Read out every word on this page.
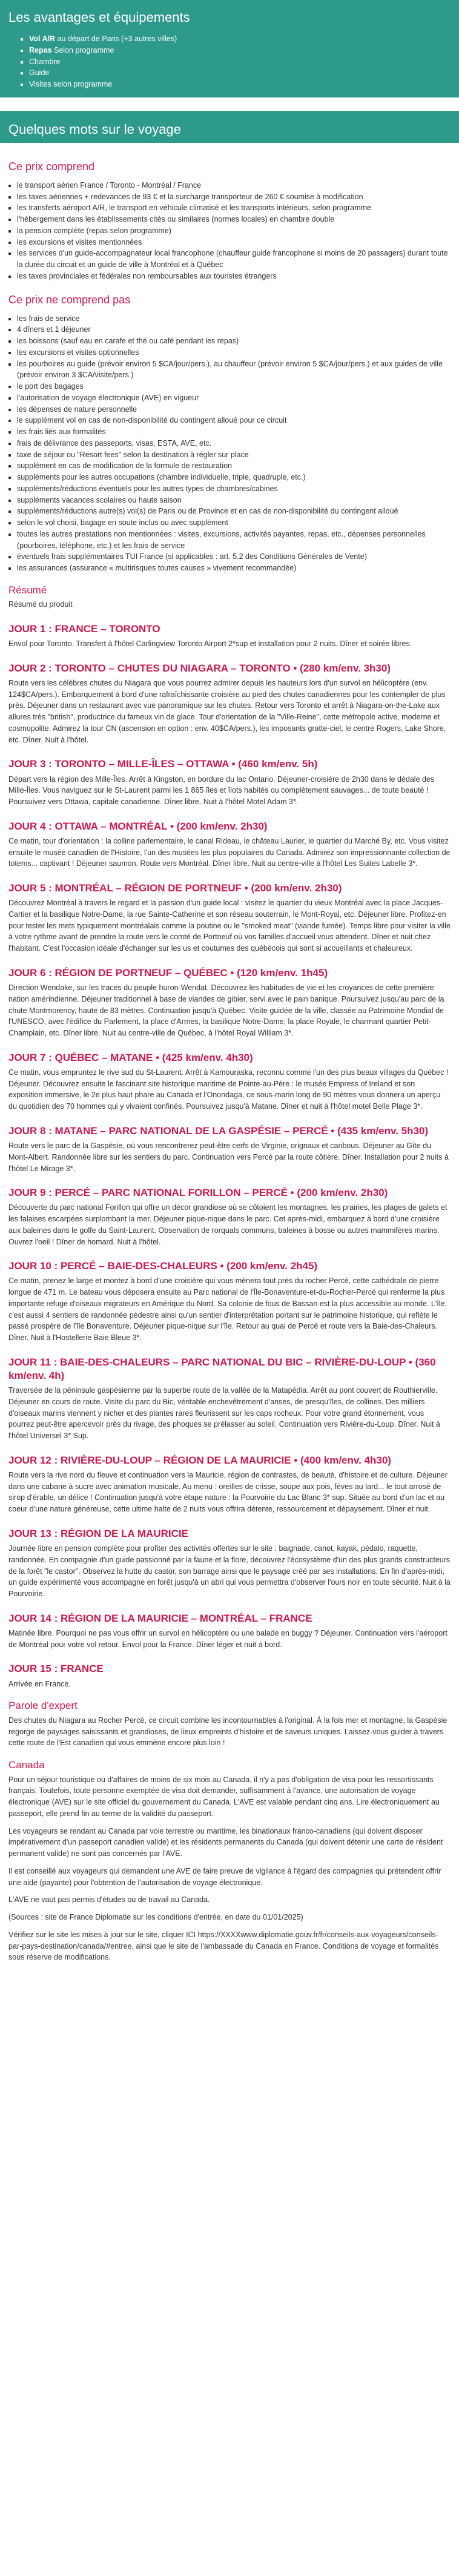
Les avantages et équipements
▪ Vol A/R au départ de Paris (+3 autres villes)
▪ Repas Selon programme
▪ Chambre
▪ Guide
▪ Visites selon programme
Quelques mots sur le voyage
Ce prix comprend
▪ le transport aérien France / Toronto - Montréal / France
▪ les taxes aériennes + redevances de 93 € et la surcharge transporteur de 260 € soumise à modification
▪ les transferts aéroport A/R, le transport en véhicule climatisé et les transports intérieurs, selon programme
▪ l'hébergement dans les établissements cités ou similaires (normes locales) en chambre double
▪ la pension complète (repas selon programme)
▪ les excursions et visites mentionnées
▪ les services d'un guide-accompagnateur local francophone (chauffeur guide francophone si moins de 20 passagers) durant toute la durée du circuit et un guide de ville à Montréal et à Québec
▪ les taxes provinciales et fédérales non remboursables aux touristes étrangers
Ce prix ne comprend pas
▪ les frais de service
▪ 4 dîners et 1 déjeuner
▪ les boissons (sauf eau en carafe et thé ou café pendant les repas)
▪ les excursions et visites optionnelles
▪ les pourboires au guide (prévoir environ 5 $CA/jour/pers.), au chauffeur (prévoir environ 5 $CA/jour/pers.) et aux guides de ville (prévoir environ 3 $CA/visite/pers.)
▪ le port des bagages
▪ l'autorisation de voyage électronique (AVE) en vigueur
▪ les dépenses de nature personnelle
▪ le supplément vol en cas de non-disponibilité du contingent alloué pour ce circuit
▪ les frais liés aux formalités
▪ frais de délivrance des passeports, visas, ESTA, AVE, etc.
▪ taxe de séjour ou "Resort fees" selon la destination à régler sur place
▪ supplément en cas de modification de la formule de restauration
▪ suppléments pour les autres occupations (chambre individuelle, triple, quadruple, etc.)
▪ suppléments/réductions éventuels pour les autres types de chambres/cabines
▪ suppléments vacances scolaires ou haute saison
▪ suppléments/réductions autre(s) vol(s) de Paris ou de Province et en cas de non-disponibilité du contingent alloué
▪ selon le vol choisi, bagage en soute inclus ou avec supplément
▪ toutes les autres prestations non mentionnées : visites, excursions, activités payantes, repas, etc., dépenses personnelles (pourboires, téléphone, etc.) et les frais de service
▪ éventuels frais supplémentaires TUI France (si applicables : art. 5.2 des Conditions Générales de Vente)
▪ les assurances (assurance « multirisques toutes causes » vivement recommandée)
Résumé

Résumé du produit

JOUR 1 : FRANCE – TORONTO

Envol pour Toronto. Transfert à l'hôtel Carlingview Toronto Airport 2*sup et installation pour 2 nuits. Dîner et soirée libres.

JOUR 2 : TORONTO – CHUTES DU NIAGARA – TORONTO • (280 km/env. 3h30)

Route vers les célèbres chutes du Niagara que vous pourrez admirer depuis les hauteurs lors d'un survol en hélicoptère (env. 124$CA/pers.). Embarquement à bord d'une rafraîchissante croisière au pied des chutes canadiennes pour les contempler de plus près. Déjeuner dans un restaurant avec vue panoramique sur les chutes. Retour vers Toronto et arrêt à Niagara-on-the-Lake aux allures très "british", productrice du fameux vin de glace. Tour d'orientation de la "Ville-Reine", cette métropole active, moderne et cosmopolite. Admirez la tour CN (ascension en option : env. 40$CA/pers.), les imposants gratte-ciel, le centre Rogers, Lake Shore, etc. Dîner. Nuit à l'hôtel.

JOUR 3 : TORONTO – MILLE-ÎLES – OTTAWA • (460 km/env. 5h)

Départ vers la région des Mille-Îles. Arrêt à Kingston, en bordure du lac Ontario. Déjeuner-croisière de 2h30 dans le dédale des Mille-Îles. Vous naviguez sur le St-Laurent parmi les 1 865 îles et îlots habités ou complètement sauvages... de toute beauté ! Poursuivez vers Ottawa, capitale canadienne. Dîner libre. Nuit à l'hôtel Motel Adam 3*.

JOUR 4 : OTTAWA – MONTRÉAL • (200 km/env. 2h30)

Ce matin, tour d'orientation : la colline parlementaire, le canal Rideau, le château Laurier, le quartier du Marché By, etc. Vous visitez ensuite le musée canadien de l'Histoire, l'un des musées les plus populaires du Canada. Admirez son impressionnante collection de totems... captivant ! Déjeuner saumon. Route vers Montréal. Dîner libre. Nuit au centre-ville à l'hôtel Les Suites Labelle 3*.

JOUR 5 : MONTRÉAL – RÉGION DE PORTNEUF • (200 km/env. 2h30)

Découvrez Montréal à travers le regard et la passion d'un guide local : visitez le quartier du vieux Montréal avec la place Jacques-Cartier et la basilique Notre-Dame, la rue Sainte-Catherine et son réseau souterrain, le Mont-Royal, etc. Déjeuner libre. Profitez-en pour tester les mets typiquement montréalais comme la poutine ou le "smoked meat" (viande fumée). Temps libre pour visiter la ville à votre rythme avant de prendre la route vers le comté de Portneuf où vos familles d'accueil vous attendent. Dîner et nuit chez l'habitant. C'est l'occasion idéale d'échanger sur les us et coutumes des québécois qui sont si accueillants et chaleureux.

JOUR 6 : RÉGION DE PORTNEUF – QUÉBEC • (120 km/env. 1h45)

Direction Wendake, sur les traces du peuple huron-Wendat. Découvrez les habitudes de vie et les croyances de cette première nation amérindienne. Déjeuner traditionnel à base de viandes de gibier, servi avec le pain banique. Poursuivez jusqu'au parc de la chute Montmorency, haute de 83 mètres. Continuation jusqu'à Québec. Visite guidée de la ville, classée au Patrimoine Mondial de l'UNESCO, avec l'édifice du Parlement, la place d'Armes, la basilique Notre-Dame, la place Royale, le charmant quartier Petit-Champlain, etc. Dîner libre. Nuit au centre-ville de Québec, à l'hôtel Royal William 3*.

JOUR 7 : QUÉBEC – MATANE • (425 km/env. 4h30)

Ce matin, vous empruntez le rive sud du St-Laurent. Arrêt à Kamouraska, reconnu comme l'un des plus beaux villages du Québec ! Déjeuner. Découvrez ensuite le fascinant site historique maritime de Pointe-au-Père : le musée Empress of Ireland et son exposition immersive, le 2e plus haut phare au Canada et l'Onondaga, ce sous-marin long de 90 mètres vous donnera un aperçu du quotidien des 70 hommes qui y vivaient confinés. Poursuivez jusqu'à Matane. Dîner et nuit à l'hôtel motel Belle Plage 3*.

JOUR 8 : MATANE – PARC NATIONAL DE LA GASPÉSIE – PERCÉ • (435 km/env. 5h30)

Route vers le parc de la Gaspésie, où vous rencontrerez peut-être cerfs de Virginie, orignaux et caribous. Déjeuner au Gîte du Mont-Albert. Randonnée libre sur les sentiers du parc. Continuation vers Percé par la route côtière. Dîner. Installation pour 2 nuits à l'hôtel Le Mirage 3*.

JOUR 9 : PERCÉ – PARC NATIONAL FORILLON – PERCÉ • (200 km/env. 2h30)

Découverte du parc national Forillon qui offre un décor grandiose où se côtoient les montagnes, les prairies, les plages de galets et les falaises escarpées surplombant la mer. Déjeuner pique-nique dans le parc. Cet après-midi, embarquez à bord d'une croisière aux baleines dans le golfe du Saint-Laurent. Observation de rorquals communs, baleines à bosse ou autres mammifères marins. Ouvrez l'oeil ! Dîner de homard. Nuit à l'hôtel.

JOUR 10 : PERCÉ – BAIE-DES-CHALEURS • (200 km/env. 2h45)

Ce matin, prenez le large et montez à bord d'une croisière qui vous mènera tout près du rocher Percé, cette cathédrale de pierre longue de 471 m. Le bateau vous déposera ensuite au Parc national de l'Île-Bonaventure-et-du-Rocher-Percé qui renferme la plus importante refuge d'oiseaux migrateurs en Amérique du Nord. Sa colonie de fous de Bassan est la plus accessible au monde. L'île, c'est aussi 4 sentiers de randonnée pédestre ainsi qu'un sentier d'interprétation portant sur le patrimoine historique, qui reflète le passé prospère de l'île Bonaventure. Déjeuner pique-nique sur l'île. Retour au quai de Percé et route vers la Baie-des-Chaleurs. Dîner. Nuit à l'Hostellerie Baie Bleue 3*.

JOUR 11 : BAIE-DES-CHALEURS – PARC NATIONAL DU BIC – RIVIÈRE-DU-LOUP • (360 km/env. 4h)

Traversée de la péninsule gaspésienne par la superbe route de la vallée de la Matapédia. Arrêt au pont couvert de Routhierville. Déjeuner en cours de route. Visite du parc du Bic, véritable enchevêtrement d'anses, de presqu'îles, de collines. Des milliers d'oiseaux marins viennent y nicher et des plantes rares fleurissent sur les caps rocheux. Pour votre grand étonnement, vous pourrez peut-être apercevoir près du rivage, des phoques se prélasser au soleil. Continuation vers Rivière-du-Loup. Dîner. Nuit à l'hôtel Universel 3* Sup.

JOUR 12 : RIVIÈRE-DU-LOUP – RÉGION DE LA MAURICIE • (400 km/env. 4h30)

Route vers la rive nord du fleuve et continuation vers la Mauricie, région de contrastes, de beauté, d'histoire et de culture. Déjeuner dans une cabane à sucre avec animation musicale. Au menu : oreilles de crisse, soupe aux pois, fèves au lard... le tout arrosé de sirop d'érable, un délice ! Continuation jusqu'à votre étape nature : la Pourvoirie du Lac Blanc 3* sup. Située au bord d'un lac et au coeur d'une nature généreuse, cette ultime halte de 2 nuits vous offrira détente, ressourcement et dépaysement. Dîner et nuit.

JOUR 13 : RÉGION DE LA MAURICIE

Journée libre en pension complète pour profiter des activités offertes sur le site : baignade, canot, kayak, pédalo, raquette, randonnée. En compagnie d'un guide passionné par la faune et la flore, découvrez l'écosystème d'un des plus grands constructeurs de la forêt "le castor". Observez la hutte du castor, son barrage ainsi que le paysage créé par ses installations. En fin d'après-midi, un guide expérimenté vous accompagne en forêt jusqu'à un abri qui vous permettra d'observer l'ours noir en toute sécurité. Nuit à la Pourvoirie.

JOUR 14 : RÉGION DE LA MAURICIE – MONTRÉAL – FRANCE

Matinée libre. Pourquoi ne pas vous offrir un survol en hélicoptère ou une balade en buggy ? Déjeuner. Continuation vers l'aéroport de Montréal pour votre vol retour. Envol pour la France. Dîner léger et nuit à bord.

JOUR 15 : FRANCE

Arrivée en France.

Parole d'expert

Des chutes du Niagara au Rocher Percé, ce circuit combine les incontournables à l'original. À la fois mer et montagne, la Gaspésie regorge de paysages saisissants et grandioses, de lieux empreints d'histoire et de saveurs uniques. Laissez-vous guider à travers cette route de l'Est canadien qui vous emmène encore plus loin !

Canada

Pour un séjour touristique ou d'affaires de moins de six mois au Canada, il n'y a pas d'obligation de visa pour les ressortissants français. Toutefois, toute personne exemptée de visa doit demander, suffisamment à l'avance, une autorisation de voyage électronique (AVE) sur le site officiel du gouvernement du Canada. L'AVE est valable pendant cinq ans. Lire électroniquement au passeport, elle prend fin au terme de la validité du passeport.

Les voyageurs se rendant au Canada par voie terrestre ou maritime, les binationaux franco-canadiens (qui doivent disposer impérativement d'un passeport canadien valide) et les résidents permanents du Canada (qui doivent détenir une carte de résident permanent valide) ne sont pas concernés par l'AVE.

Il est conseillé aux voyageurs qui demandent une AVE de faire preuve de vigilance à l'égard des compagnies qui prétendent offrir une aide (payante) pour l'obtention de l'autorisation de voyage électronique.

L'AVE ne vaut pas permis d'études ou de travail au Canada.

(Sources : site de France Diplomatie sur les conditions d'entrée, en date du 01/01/2025)

Vérifiez sur le site les mises à jour sur le site, cliquer ICI https://XXXXwww.diplomatie.gouv.fr/fr/conseils-aux-voyageurs/conseils-par-pays-destination/canada/#entree, ainsi que le site de l'ambassade du Canada en France. Conditions de voyage et formalités sous réserve de modifications.
